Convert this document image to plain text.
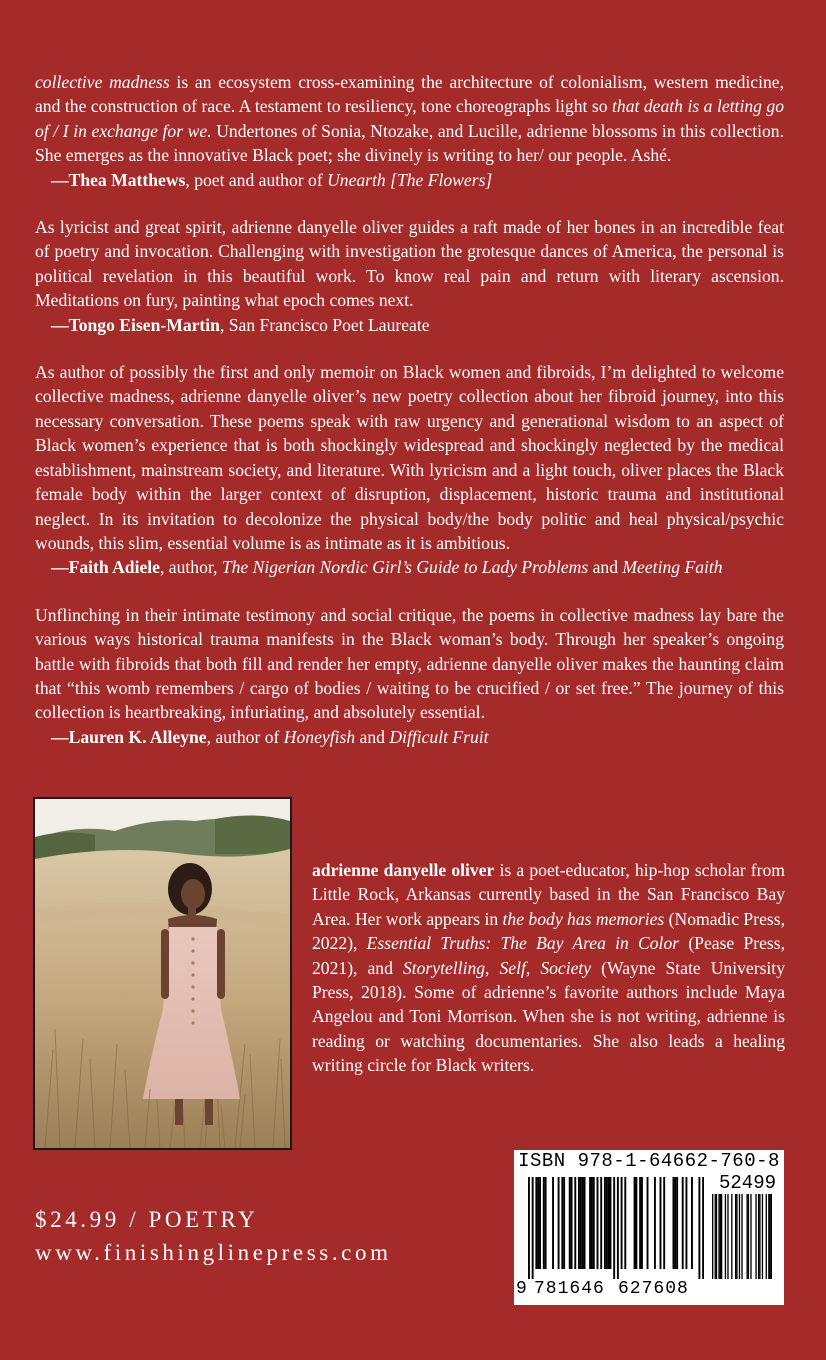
collective madness is an ecosystem cross-examining the architecture of colonialism, western medicine, and the construction of race. A testament to resiliency, tone choreographs light so that death is a letting go of / I in exchange for we. Undertones of Sonia, Ntozake, and Lucille, adrienne blossoms in this collection. She emerges as the innovative Black poet; she divinely is writing to her/ our people. Ashé.

—Thea Matthews, poet and author of Unearth [The Flowers]

As lyricist and great spirit, adrienne danyelle oliver guides a raft made of her bones in an incredible feat of poetry and invocation. Challenging with investigation the grotesque dances of America, the personal is political revelation in this beautiful work. To know real pain and return with literary ascension. Meditations on fury, painting what epoch comes next.

—Tongo Eisen-Martin, San Francisco Poet Laureate

As author of possibly the first and only memoir on Black women and fibroids, I’m delighted to welcome collective madness, adrienne danyelle oliver’s new poetry collection about her fibroid journey, into this necessary conversation. These poems speak with raw urgency and generational wisdom to an aspect of Black women’s experience that is both shockingly widespread and shockingly neglected by the medical establishment, mainstream society, and literature. With lyricism and a light touch, oliver places the Black female body within the larger context of disruption, displacement, historic trauma and institutional neglect. In its invitation to decolonize the physical body/the body politic and heal physical/psychic wounds, this slim, essential volume is as intimate as it is ambitious.

—Faith Adiele, author, The Nigerian Nordic Girl’s Guide to Lady Problems and Meeting Faith

Unflinching in their intimate testimony and social critique, the poems in collective madness lay bare the various ways historical trauma manifests in the Black woman’s body. Through her speaker’s ongoing battle with fibroids that both fill and render her empty, adrienne danyelle oliver makes the haunting claim that “this womb remembers / cargo of bodies / waiting to be crucified / or set free.” The journey of this collection is heartbreaking, infuriating, and absolutely essential.

—Lauren K. Alleyne, author of Honeyfish and Difficult Fruit

adrienne danyelle oliver is a poet-educator, hip-hop scholar from Little Rock, Arkansas currently based in the San Francisco Bay Area. Her work appears in the body has memories (Nomadic Press, 2022), Essential Truths: The Bay Area in Color (Pease Press, 2021), and Storytelling, Self, Society (Wayne State University Press, 2018). Some of adrienne’s favorite authors include Maya Angelou and Toni Morrison. When she is not writing, adrienne is reading or watching documentaries. She also leads a healing writing circle for Black writers.

$24.99 / POETRY
www.finishinglinepress.com
ISBN 978-1-64662-760-8
52499
9 781646 627608
